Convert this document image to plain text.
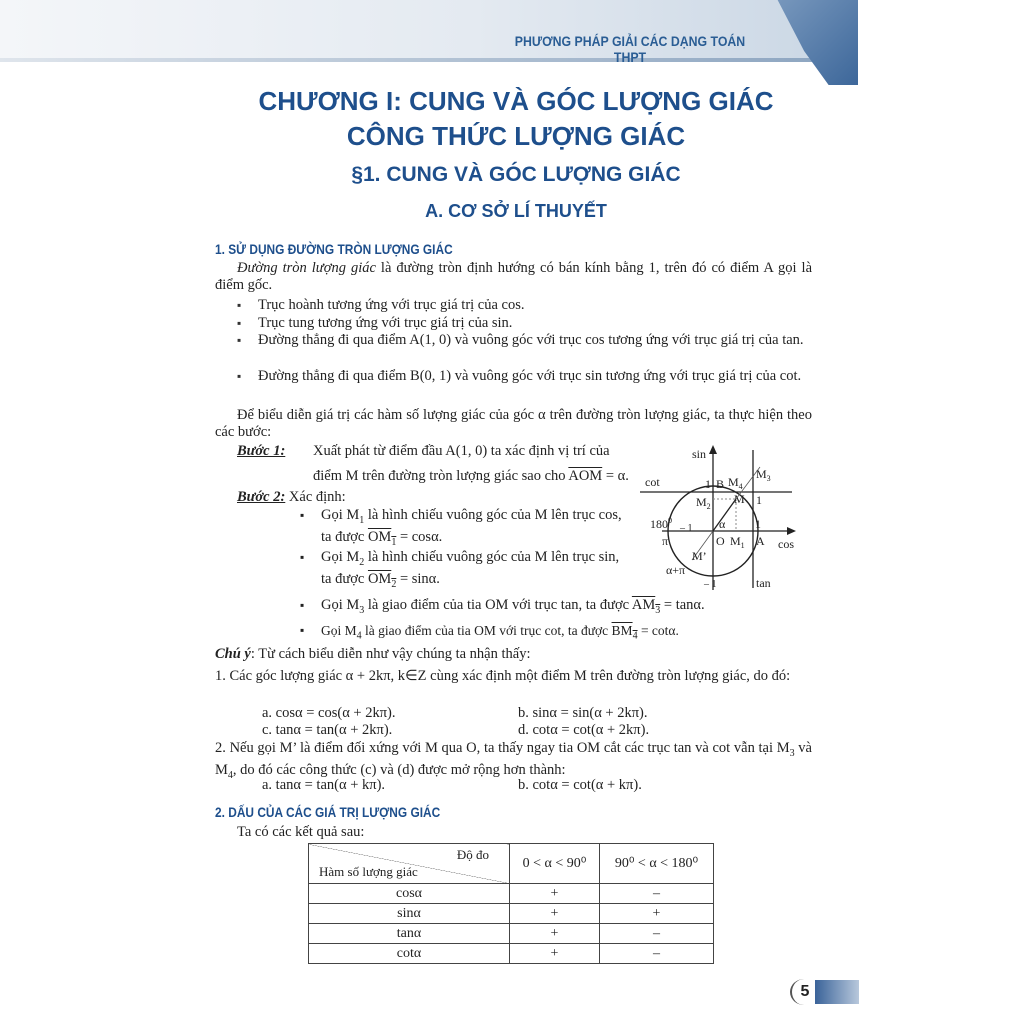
PHƯƠNG PHÁP GIẢI CÁC DẠNG TOÁN THPT
CHƯƠNG I: CUNG VÀ GÓC LƯỢNG GIÁC
CÔNG THỨC LƯỢNG GIÁC
§1. CUNG VÀ GÓC LƯỢNG GIÁC
A. CƠ SỞ LÍ THUYẾT
1. SỬ DỤNG ĐƯỜNG TRÒN LƯỢNG GIÁC
Đường tròn lượng giác là đường tròn định hướng có bán kính bằng 1, trên đó có điểm A gọi là điểm gốc.
▪ Trục hoành tương ứng với trục giá trị của cos.
▪ Trục tung tương ứng với trục giá trị của sin.
▪ Đường thẳng đi qua điểm A(1, 0) và vuông góc với trục cos tương ứng với trục giá trị của tan.
▪ Đường thẳng đi qua điểm B(0, 1) và vuông góc với trục sin tương ứng với trục giá trị của cot.
Để biểu diễn giá trị các hàm số lượng giác của góc α trên đường tròn lượng giác, ta thực hiện theo các bước:
Bước 1: Xuất phát từ điểm đầu A(1, 0) ta xác định vị trí của
điểm M trên đường tròn lượng giác sao cho $\overline{AOM} = \alpha$.
Bước 2: Xác định:
▪ Gọi $M_1$ là hình chiếu vuông góc của M lên trục cos,
ta được $OM_1 = \cos\alpha$.
▪ Gọi $M_2$ là hình chiếu vuông góc của M lên trục sin,
ta được $OM_2 = \sin\alpha$.
▪ Gọi $M_3$ là giao điểm của tia OM với trục tan, ta được $AM_3 = \tan\alpha$.
▪ Gọi $M_4$ là giao điểm của tia OM với trục cot, ta được $BM_4 = \cot\alpha$.
sin
cot	1 B $M_4$
$M_3$
M 1
$M_2$
$180^0$
– 1 α 1
π	O $M_1$ A cos
M’
α+π
– 1	tan
Chú ý: Từ cách biểu diễn như vậy chúng ta nhận thấy:
1. Các góc lượng giác α + 2kπ, k∈Z cùng xác định một điểm M trên đường tròn lượng giác, do đó:
a. cosα = cos(α + 2kπ).	b. sinα = sin(α + 2kπ).
c. tanα = tan(α + 2kπ).	d. cotα = cot(α + 2kπ).
2. Nếu gọi M’ là điểm đối xứng với M qua O, ta thấy ngay tia OM cắt các trục tan và cot vẫn tại $M_3$ và $M_4$, do đó các công thức (c) và (d) được mở rộng hơn thành:
a. tanα = tan(α + kπ).	b. cotα = cot(α + kπ).
2. DẤU CỦA CÁC GIÁ TRỊ LƯỢNG GIÁC
Ta có các kết quả sau:
Độ đo
Hàm số lượng giác	0 < α < 90⁰	90⁰ < α < 180⁰
cosα	+	–
sinα	+	+
tanα	+	–
cotα	+	–
5
